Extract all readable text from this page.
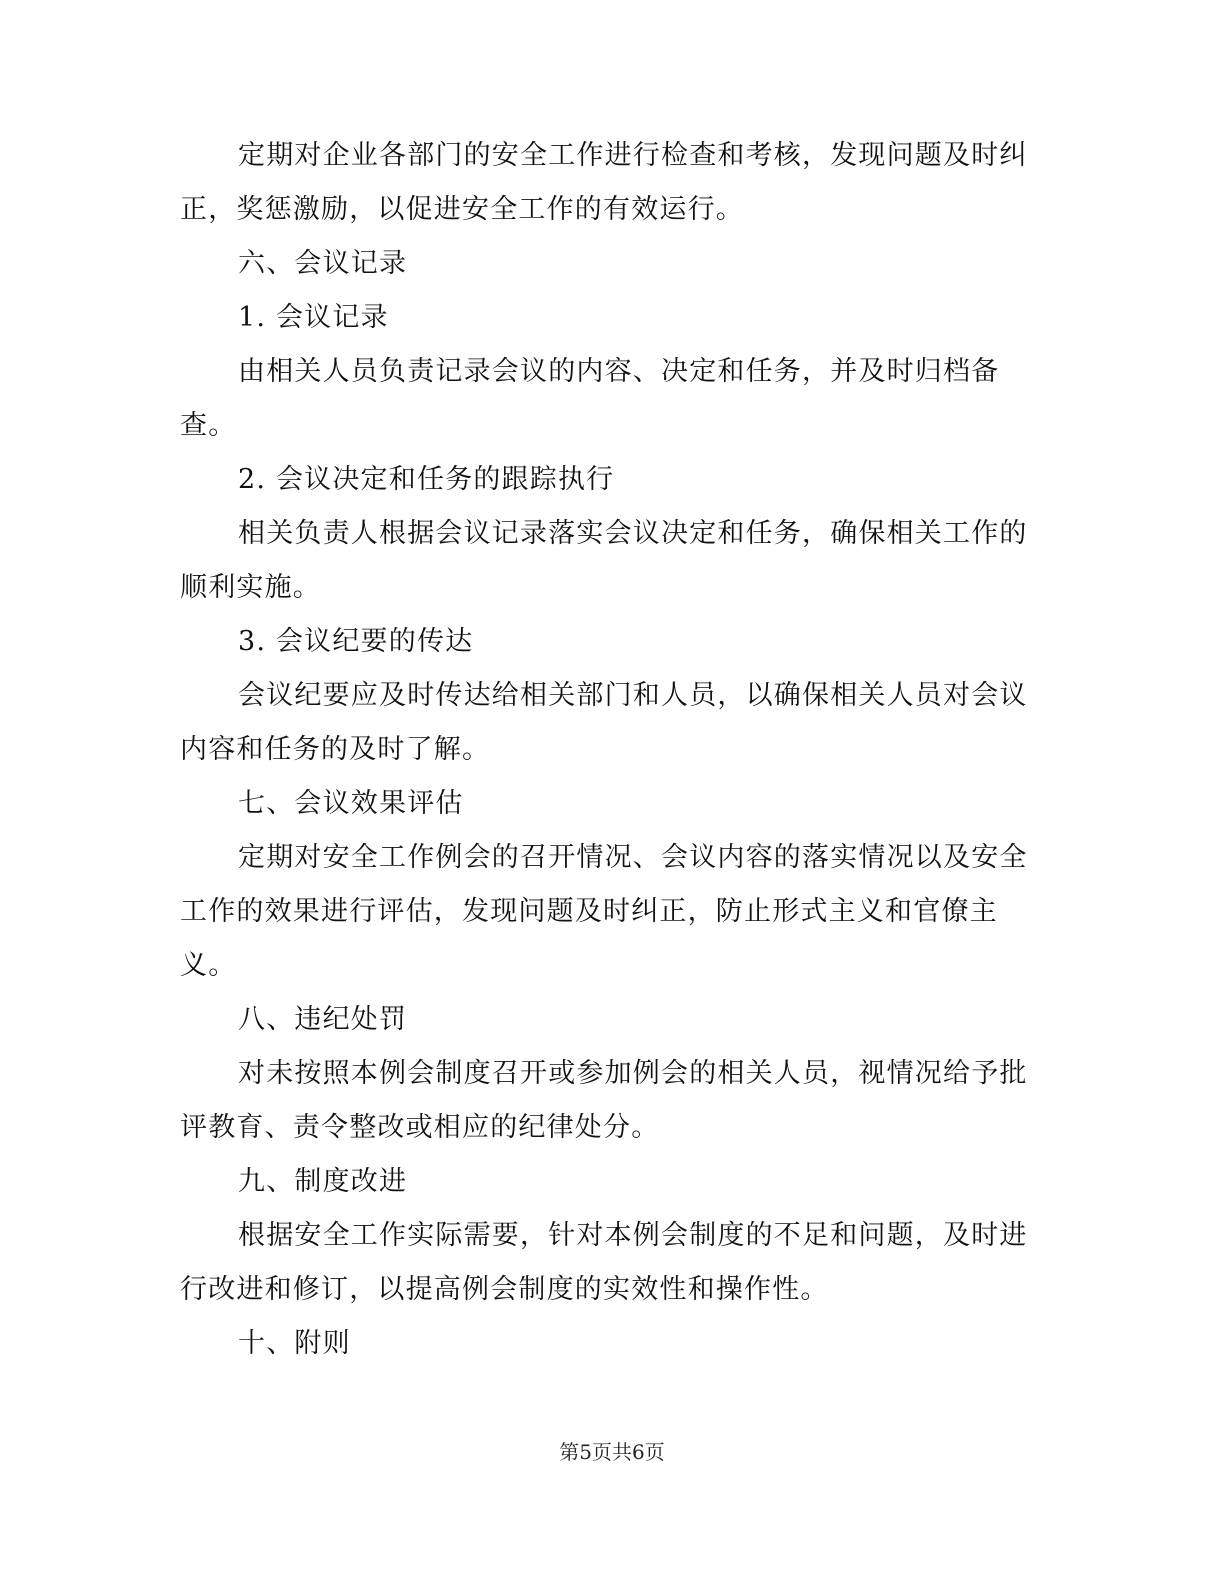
定期对企业各部门的安全工作进行检查和考核，发现问题及时纠
正，奖惩激励，以促进安全工作的有效运行。
六、会议记录
1. 会议记录
由相关人员负责记录会议的内容、决定和任务，并及时归档备
查。
2. 会议决定和任务的跟踪执行
相关负责人根据会议记录落实会议决定和任务，确保相关工作的
顺利实施。
3. 会议纪要的传达
会议纪要应及时传达给相关部门和人员，以确保相关人员对会议
内容和任务的及时了解。
七、会议效果评估
定期对安全工作例会的召开情况、会议内容的落实情况以及安全
工作的效果进行评估，发现问题及时纠正，防止形式主义和官僚主
义。
八、违纪处罚
对未按照本例会制度召开或参加例会的相关人员，视情况给予批
评教育、责令整改或相应的纪律处分。
九、制度改进
根据安全工作实际需要，针对本例会制度的不足和问题，及时进
行改进和修订，以提高例会制度的实效性和操作性。
十、附则
第5页共6页
